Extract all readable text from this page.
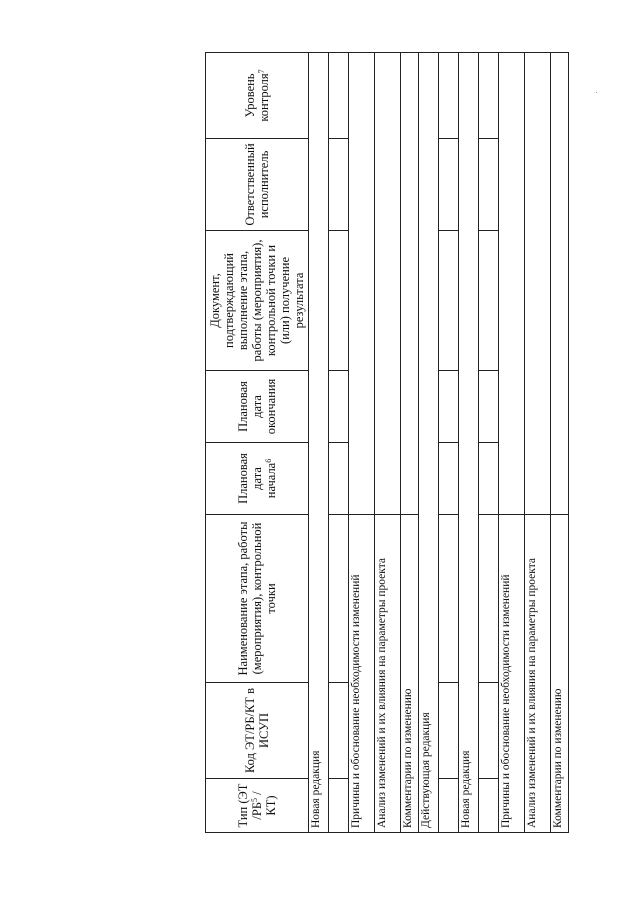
Тип (ЭТ $/РБ^5$ /КТ)	Код ЭТ/РБ/КТ в ИСУП	Наименование этапа, работы (мероприятия), контрольной точки	Плановая дата начала$^6$	Плановая дата окончания	Документ, подтверждающий выполнение этапа, работы (мероприятия), контрольной точки и (или) получение результата	Ответственный исполнитель	Уровень контроля$^7$
Новая редакция							

Причины и обоснование необходимости изменений							
Анализ изменений и их влияния на параметры проекта							
Комментарии по изменению							
Действующая редакция							

Новая редакция							

Причины и обоснование необходимости изменений							
Анализ изменений и их влияния на параметры проекта							
Комментарии по изменению							
